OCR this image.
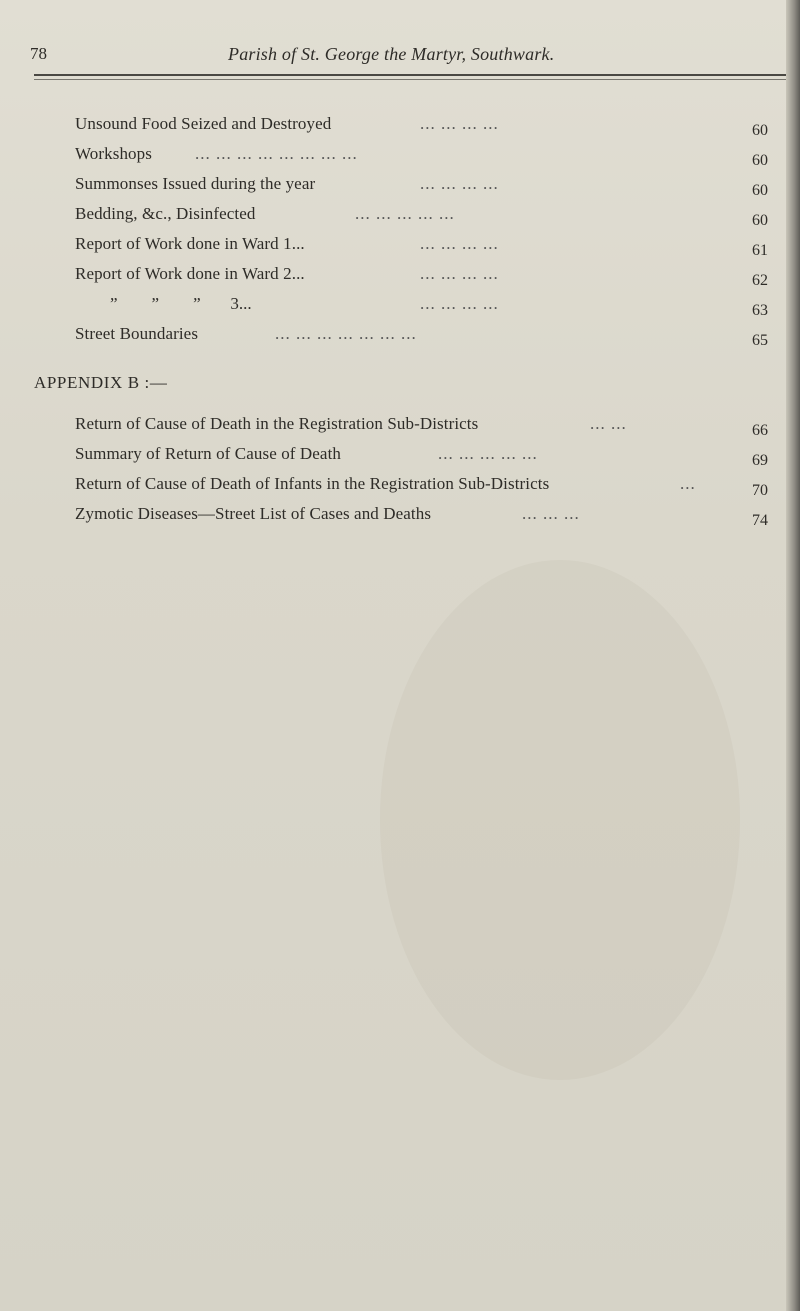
78	Parish of St. George the Martyr, Southwark.
Unsound Food Seized and Destroyed	... ... ... ...	60
Workshops	... ... ... ... ... ... ... ...	60
Summonses Issued during the year	... ... ... ...	60
Bedding, &c., Disinfected	... ... ... ... ...	60
Report of Work done in Ward 1...	... ... ... ...	61
Report of Work done in Ward 2...	... ... ... ...	62
”        ”        ”       3...	... ... ... ...	63
Street Boundaries	... ... ... ... ... ... ...	65
APPENDIX B :—
Return of Cause of Death in the Registration Sub-Districts	... ...	66
Summary of Return of Cause of Death	... ... ... ... ...	69
Return of Cause of Death of Infants in the Registration Sub-Districts	...	70
Zymotic Diseases—Street List of Cases and Deaths	... ... ...	74
